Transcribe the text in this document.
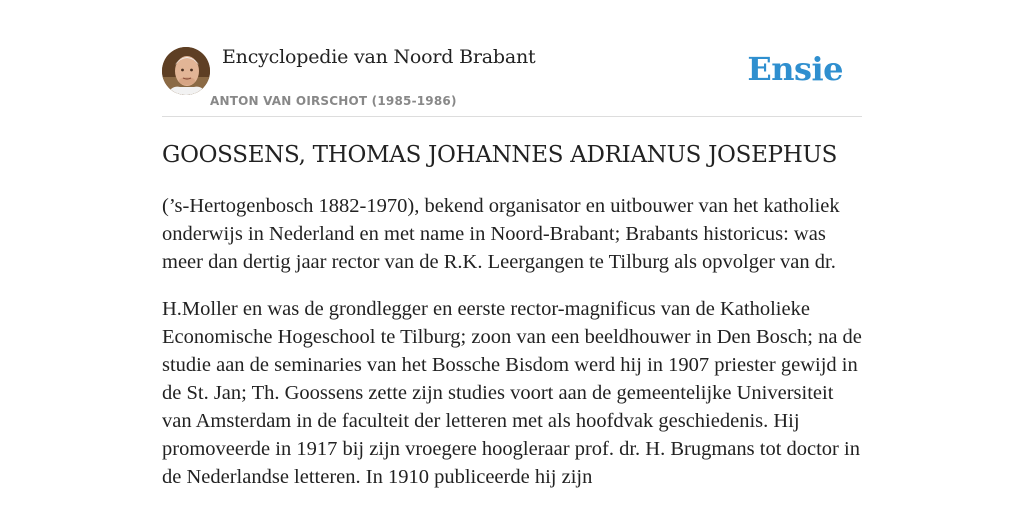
Encyclopedie van Noord Brabant
ANTON VAN OIRSCHOT (1985-1986)
Ensie
GOOSSENS, THOMAS JOHANNES ADRIANUS JOSEPHUS

(’s-Hertogenbosch 1882-1970), bekend organisator en uitbouwer van het katholiek onderwijs in Nederland en met name in Noord-Brabant; Brabants historicus: was meer dan dertig jaar rector van de R.K. Leergangen te Tilburg als opvolger van dr.

H.Moller en was de grondlegger en eerste rector-magnificus van de Katholieke Economische Hogeschool te Tilburg; zoon van een beeldhouwer in Den Bosch; na de studie aan de seminaries van het Bossche Bisdom werd hij in 1907 priester gewijd in de St. Jan; Th. Goossens zette zijn studies voort aan de gemeentelijke Universiteit van Amsterdam in de faculteit der letteren met als hoofdvak geschiedenis. Hij promoveerde in 1917 bij zijn vroegere hoogleraar prof. dr. H. Brugmans tot doctor in de Nederlandse letteren. In 1910 publiceerde hij zijn
